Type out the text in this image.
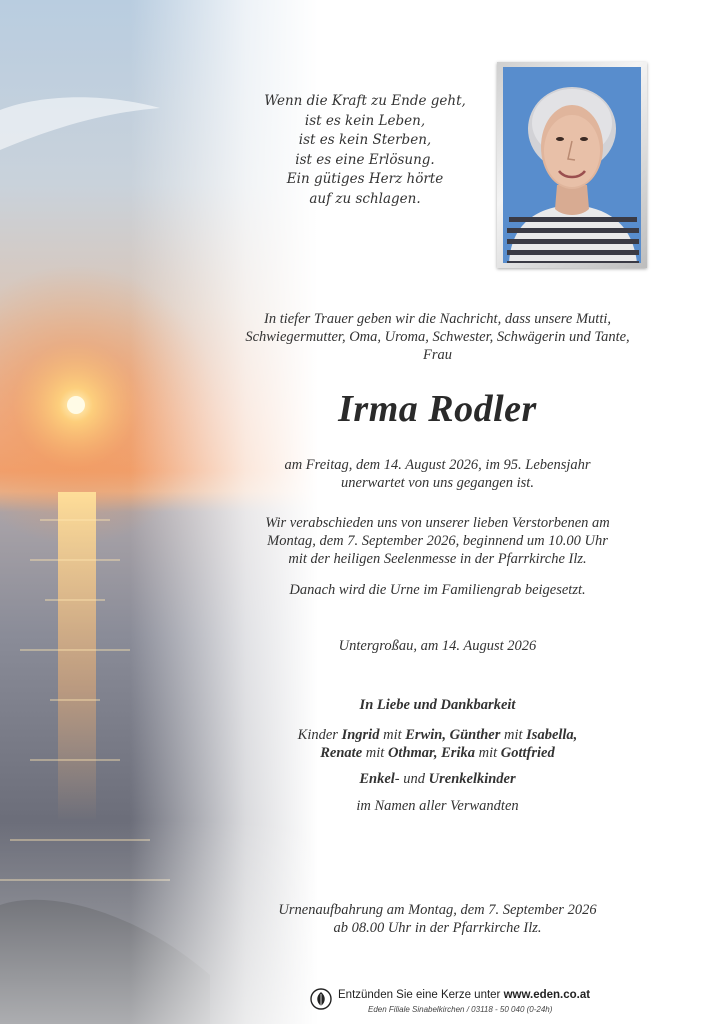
Wenn die Kraft zu Ende geht,
ist es kein Leben,
ist es kein Sterben,
ist es eine Erlösung.
Ein gütiges Herz hörte
auf zu schlagen.
In tiefer Trauer geben wir die Nachricht, dass unsere Mutti,
Schwiegermutter, Oma, Uroma, Schwester, Schwägerin und Tante,
Frau
Irma Rodler
am Freitag, dem 14. August 2026, im 95. Lebensjahr
unerwartet von uns gegangen ist.
Wir verabschieden uns von unserer lieben Verstorbenen am
Montag, dem 7. September 2026, beginnend um 10.00 Uhr
mit der heiligen Seelenmesse in der Pfarrkirche Ilz.
Danach wird die Urne im Familiengrab beigesetzt.
Untergroßau, am 14. August 2026
In Liebe und Dankbarkeit
Kinder Ingrid mit Erwin, Günther mit Isabella,
Renate mit Othmar, Erika mit Gottfried
Enkel- und Urenkelkinder
im Namen aller Verwandten
Urnenaufbahrung am Montag, dem 7. September 2026
ab 08.00 Uhr in der Pfarrkirche Ilz.
Entzünden Sie eine Kerze unter www.eden.co.at
Eden Filiale Sinabelkirchen / 03118 - 50 040 (0-24h)
